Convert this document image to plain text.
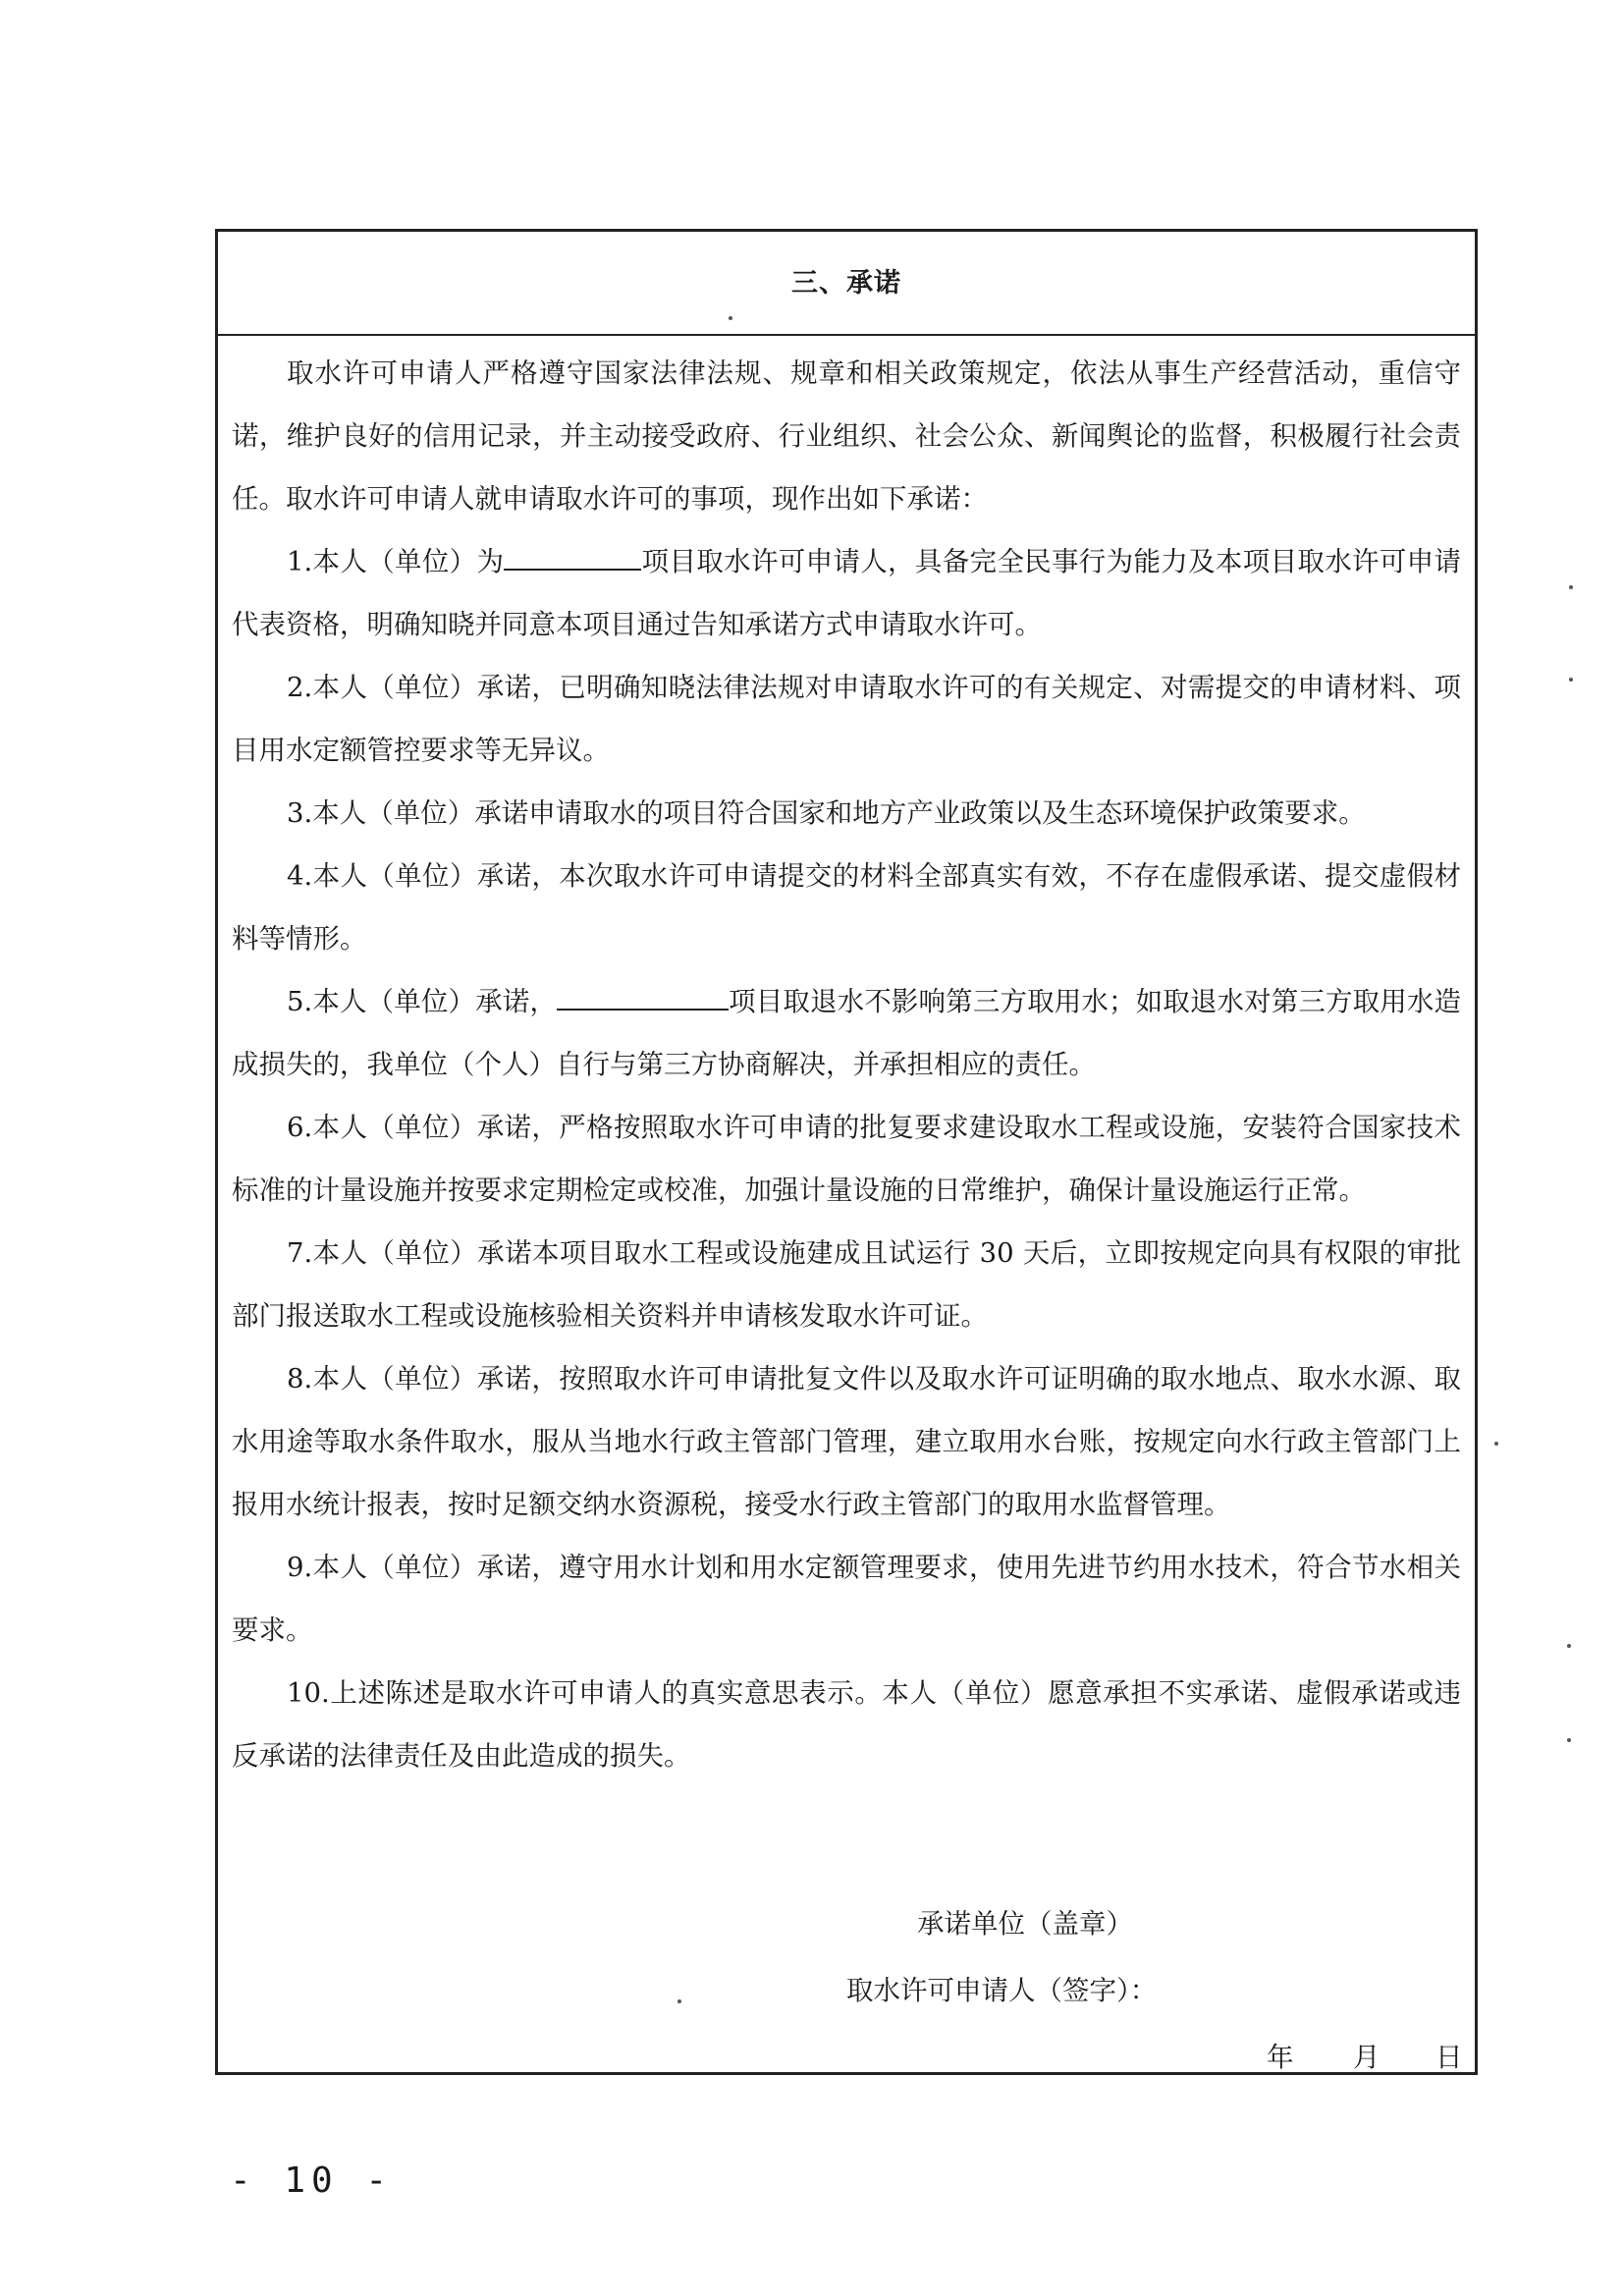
三、承诺

取水许可申请人严格遵守国家法律法规、规章和相关政策规定，依法从事生产经营活动，重信守诺，维护良好的信用记录，并主动接受政府、行业组织、社会公众、新闻舆论的监督，积极履行社会责任。取水许可申请人就申请取水许可的事项，现作出如下承诺：

1.本人（单位）为	项目取水许可申请人，具备完全民事行为能力及本项目取水许可申请代表资格，明确知晓并同意本项目通过告知承诺方式申请取水许可。

2.本人（单位）承诺，已明确知晓法律法规对申请取水许可的有关规定、对需提交的申请材料、项目用水定额管控要求等无异议。

3.本人（单位）承诺申请取水的项目符合国家和地方产业政策以及生态环境保护政策要求。

4.本人（单位）承诺，本次取水许可申请提交的材料全部真实有效，不存在虚假承诺、提交虚假材料等情形。

5.本人（单位）承诺，	项目取退水不影响第三方取用水；如取退水对第三方取用水造成损失的，我单位（个人）自行与第三方协商解决，并承担相应的责任。

6.本人（单位）承诺，严格按照取水许可申请的批复要求建设取水工程或设施，安装符合国家技术标准的计量设施并按要求定期检定或校准，加强计量设施的日常维护，确保计量设施运行正常。

7.本人（单位）承诺本项目取水工程或设施建成且试运行 30 天后，立即按规定向具有权限的审批部门报送取水工程或设施核验相关资料并申请核发取水许可证。

8.本人（单位）承诺，按照取水许可申请批复文件以及取水许可证明确的取水地点、取水水源、取水用途等取水条件取水，服从当地水行政主管部门管理，建立取用水台账，按规定向水行政主管部门上报用水统计报表，按时足额交纳水资源税，接受水行政主管部门的取用水监督管理。

9.本人（单位）承诺，遵守用水计划和用水定额管理要求，使用先进节约用水技术，符合节水相关要求。

10.上述陈述是取水许可申请人的真实意思表示。本人（单位）愿意承担不实承诺、虚假承诺或违反承诺的法律责任及由此造成的损失。

承诺单位（盖章）
取水许可申请人（签字）：
年 月 日
- 10 -
